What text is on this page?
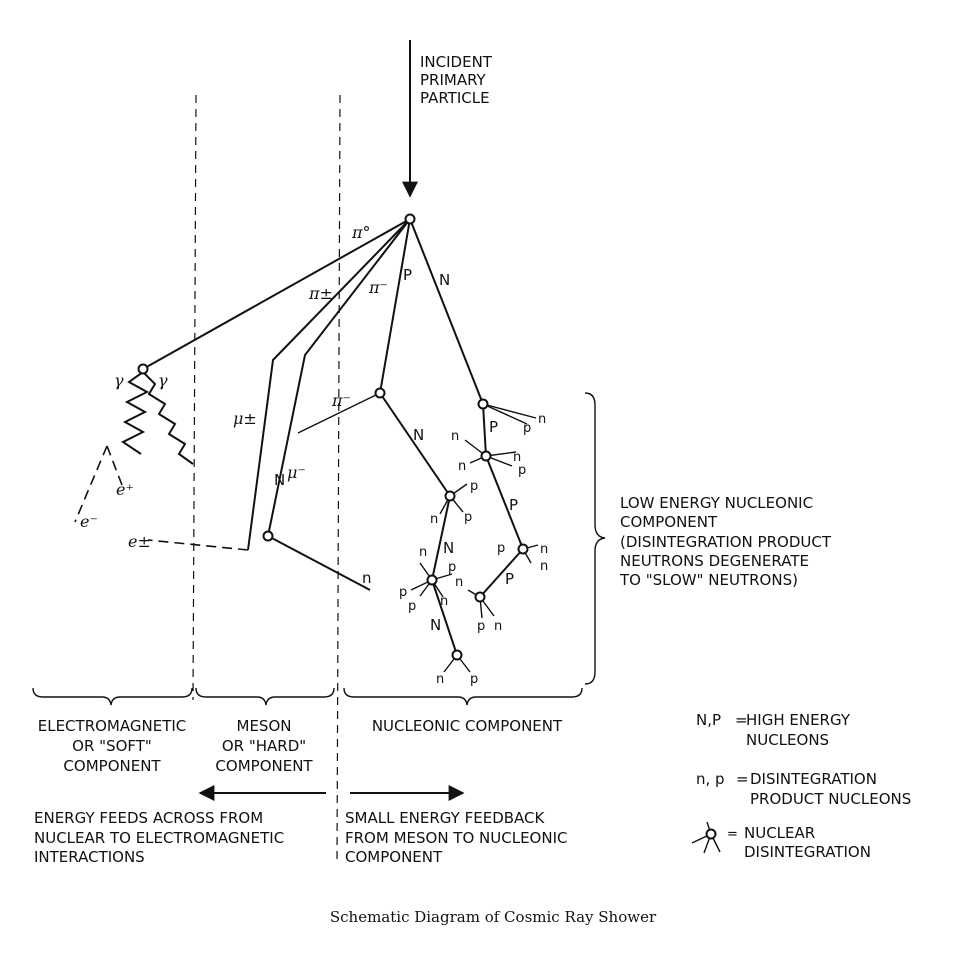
INCIDENT
PRIMARY
PARTICLE
π°
π± π⁻
P N
γ γ
μ±
π⁻
N
N μ⁻
e⁺
e⁻
e±
n
n
p
P
n
n
n
p
p
P
n p
N	p	n
n
n
p
n	P
p
p n
p n
N
n p
LOW ENERGY NUCLEONIC
COMPONENT
(DISINTEGRATION PRODUCT
NEUTRONS DEGENERATE
TO "SLOW" NEUTRONS)
ELECTROMAGNETIC
OR "SOFT"
COMPONENT
MESON
OR "HARD"
COMPONENT
NUCLEONIC COMPONENT	N,P =
HIGH ENERGY
NUCLEONS
n, p = DISINTEGRATION
PRODUCT NUCLEONS
= NUCLEAR
DISINTEGRATION
ENERGY FEEDS ACROSS FROM
NUCLEAR TO ELECTROMAGNETIC
INTERACTIONS
SMALL ENERGY FEEDBACK
FROM MESON TO NUCLEONIC
COMPONENT
Schematic Diagram of Cosmic Ray Shower
